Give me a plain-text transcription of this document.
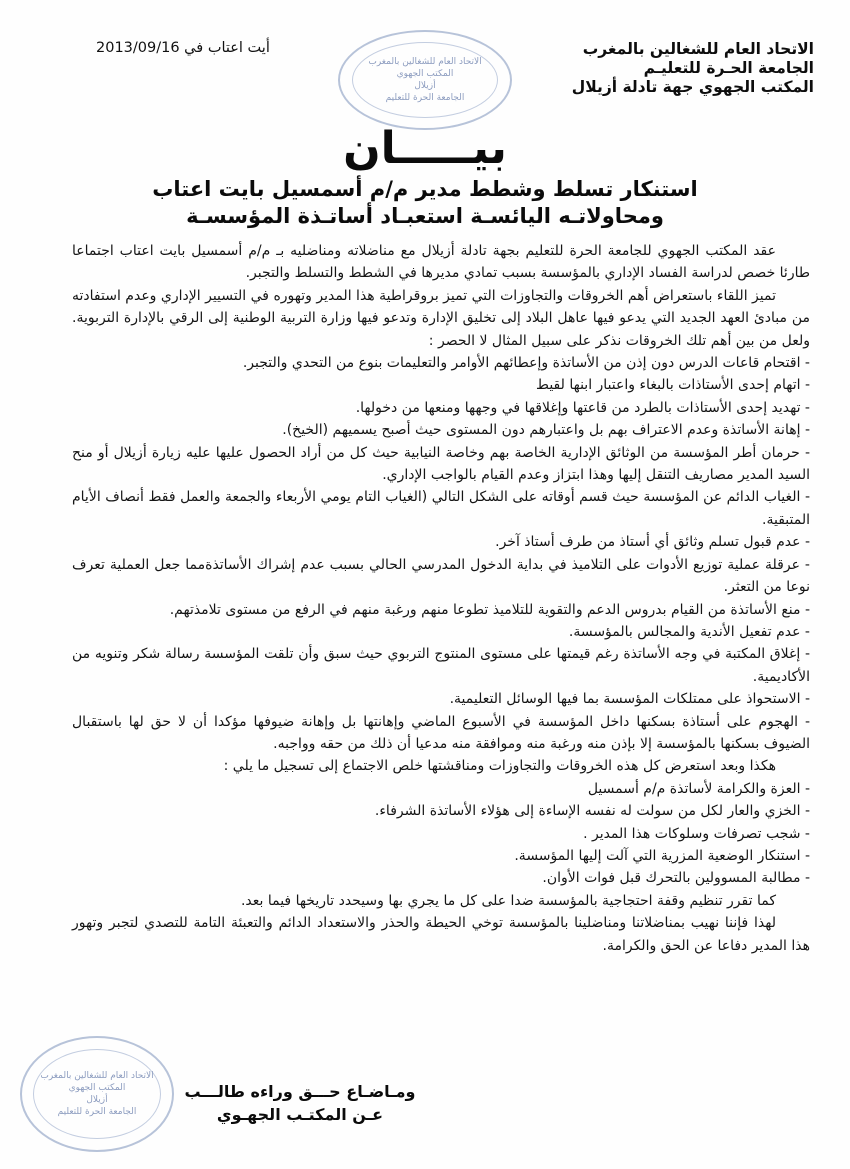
الاتحاد العام للشغالين بالمغرب
الجامعة الحـرة للتعليـم
المكتب الجهوي جهة تادلة أزيلال
أيت اعتاب في 2013/09/16
الاتحاد العام للشغالين بالمغرب
المكتب الجهوي
أزيلال
الجامعة الحرة للتعليم
بيـــــان
استنكار تسلط وشطط مدير م/م أسمسيل بايت اعتاب
ومحاولاتـه اليائسـة استعبـاد أساتـذة المؤسسـة

عقد المكتب الجهوي للجامعة الحرة للتعليم بجهة تادلة أزيلال مع مناضلاته ومناضليه بـ م/م أسمسيل بايت اعتاب اجتماعا طارئا خصص لدراسة الفساد الإداري بالمؤسسة بسبب تمادي مديرها في الشطط والتسلط والتجبر.

تميز اللقاء باستعراض أهم الخروقات والتجاوزات التي تميز بروقراطية هذا المدير وتهوره في التسيير الإداري وعدم استفادته من مبادئ العهد الجديد التي يدعو فيها عاهل البلاد إلى تخليق الإدارة وتدعو فيها وزارة التربية الوطنية إلى الرقي بالإدارة التربوية. ولعل من بين أهم تلك الخروقات نذكر على سبيل المثال لا الحصر :

- اقتحام قاعات الدرس دون إذن من الأساتذة وإعطائهم الأوامر والتعليمات بنوع من التحدي والتجبر.

- اتهام إحدى الأستاذات بالبغاء واعتبار ابنها لقيط

- تهديد إحدى الأستاذات بالطرد من قاعتها وإغلاقها في وجهها ومنعها من دخولها.

- إهانة الأساتذة وعدم الاعتراف بهم بل واعتبارهم دون المستوى حيث أصبح يسميهم (الخيخ).

- حرمان أطر المؤسسة من الوثائق الإدارية الخاصة بهم وخاصة النيابية حيث كل من أراد الحصول عليها عليه زيارة أزيلال أو منح السيد المدير مصاريف التنقل إليها وهذا ابتزاز وعدم القيام بالواجب الإداري.

- الغياب الدائم عن المؤسسة حيث قسم أوقاته على الشكل التالي (الغياب التام يومي الأربعاء والجمعة والعمل فقط أنصاف الأيام المتبقية.

- عدم قبول تسلم وثائق أي أستاذ من طرف أستاذ آخر.

- عرقلة عملية توزيع الأدوات على التلاميذ في بداية الدخول المدرسي الحالي بسبب عدم إشراك الأساتذةمما جعل العملية تعرف نوعا من التعثر.

- منع الأساتذة من القيام بدروس الدعم والتقوية للتلاميذ تطوعا منهم ورغبة منهم في الرفع من مستوى تلامذتهم.

- عدم تفعيل الأندية والمجالس بالمؤسسة.

- إغلاق المكتبة في وجه الأساتذة رغم قيمتها على مستوى المنتوج التربوي حيث سبق وأن تلقت المؤسسة رسالة شكر وتنويه من الأكاديمية.

- الاستحواذ على ممتلكات المؤسسة بما فيها الوسائل التعليمية.

- الهجوم على أستاذة بسكنها داخل المؤسسة في الأسبوع الماضي وإهانتها بل وإهانة ضيوفها مؤكدا أن لا حق لها باستقبال الضيوف بسكنها بالمؤسسة إلا بإذن منه ورغبة منه وموافقة منه مدعيا أن ذلك من حقه وواجبه.

هكذا وبعد استعرض كل هذه الخروقات والتجاوزات ومناقشتها خلص الاجتماع إلى تسجيل ما يلي :

- العزة والكرامة لأساتذة م/م أسمسيل

- الخزي والعار لكل من سولت له نفسه الإساءة إلى هؤلاء الأساتذة الشرفاء.

- شجب تصرفات وسلوكات هذا المدير .

- استنكار الوضعية المزرية التي آلت إليها المؤسسة.

- مطالبة المسوولين بالتحرك قبل فوات الأوان.

كما تقرر تنظيم وقفة احتجاجية بالمؤسسة ضدا على كل ما يجري بها وسيحدد تاريخها فيما بعد.

لهذا فإننا نهيب بمناضلاتنا ومناضلينا بالمؤسسة توخي الحيطة والحذر والاستعداد الدائم والتعبئة التامة للتصدي لتجبر وتهور هذا المدير دفاعا عن الحق والكرامة.

الاتحاد العام للشغالين بالمغرب
المكتب الجهوي
أزيلال
الجامعة الحرة للتعليم
ومـاضـاع حـــق وراءه طالـــب
عـن المكتـب الجهـوي
